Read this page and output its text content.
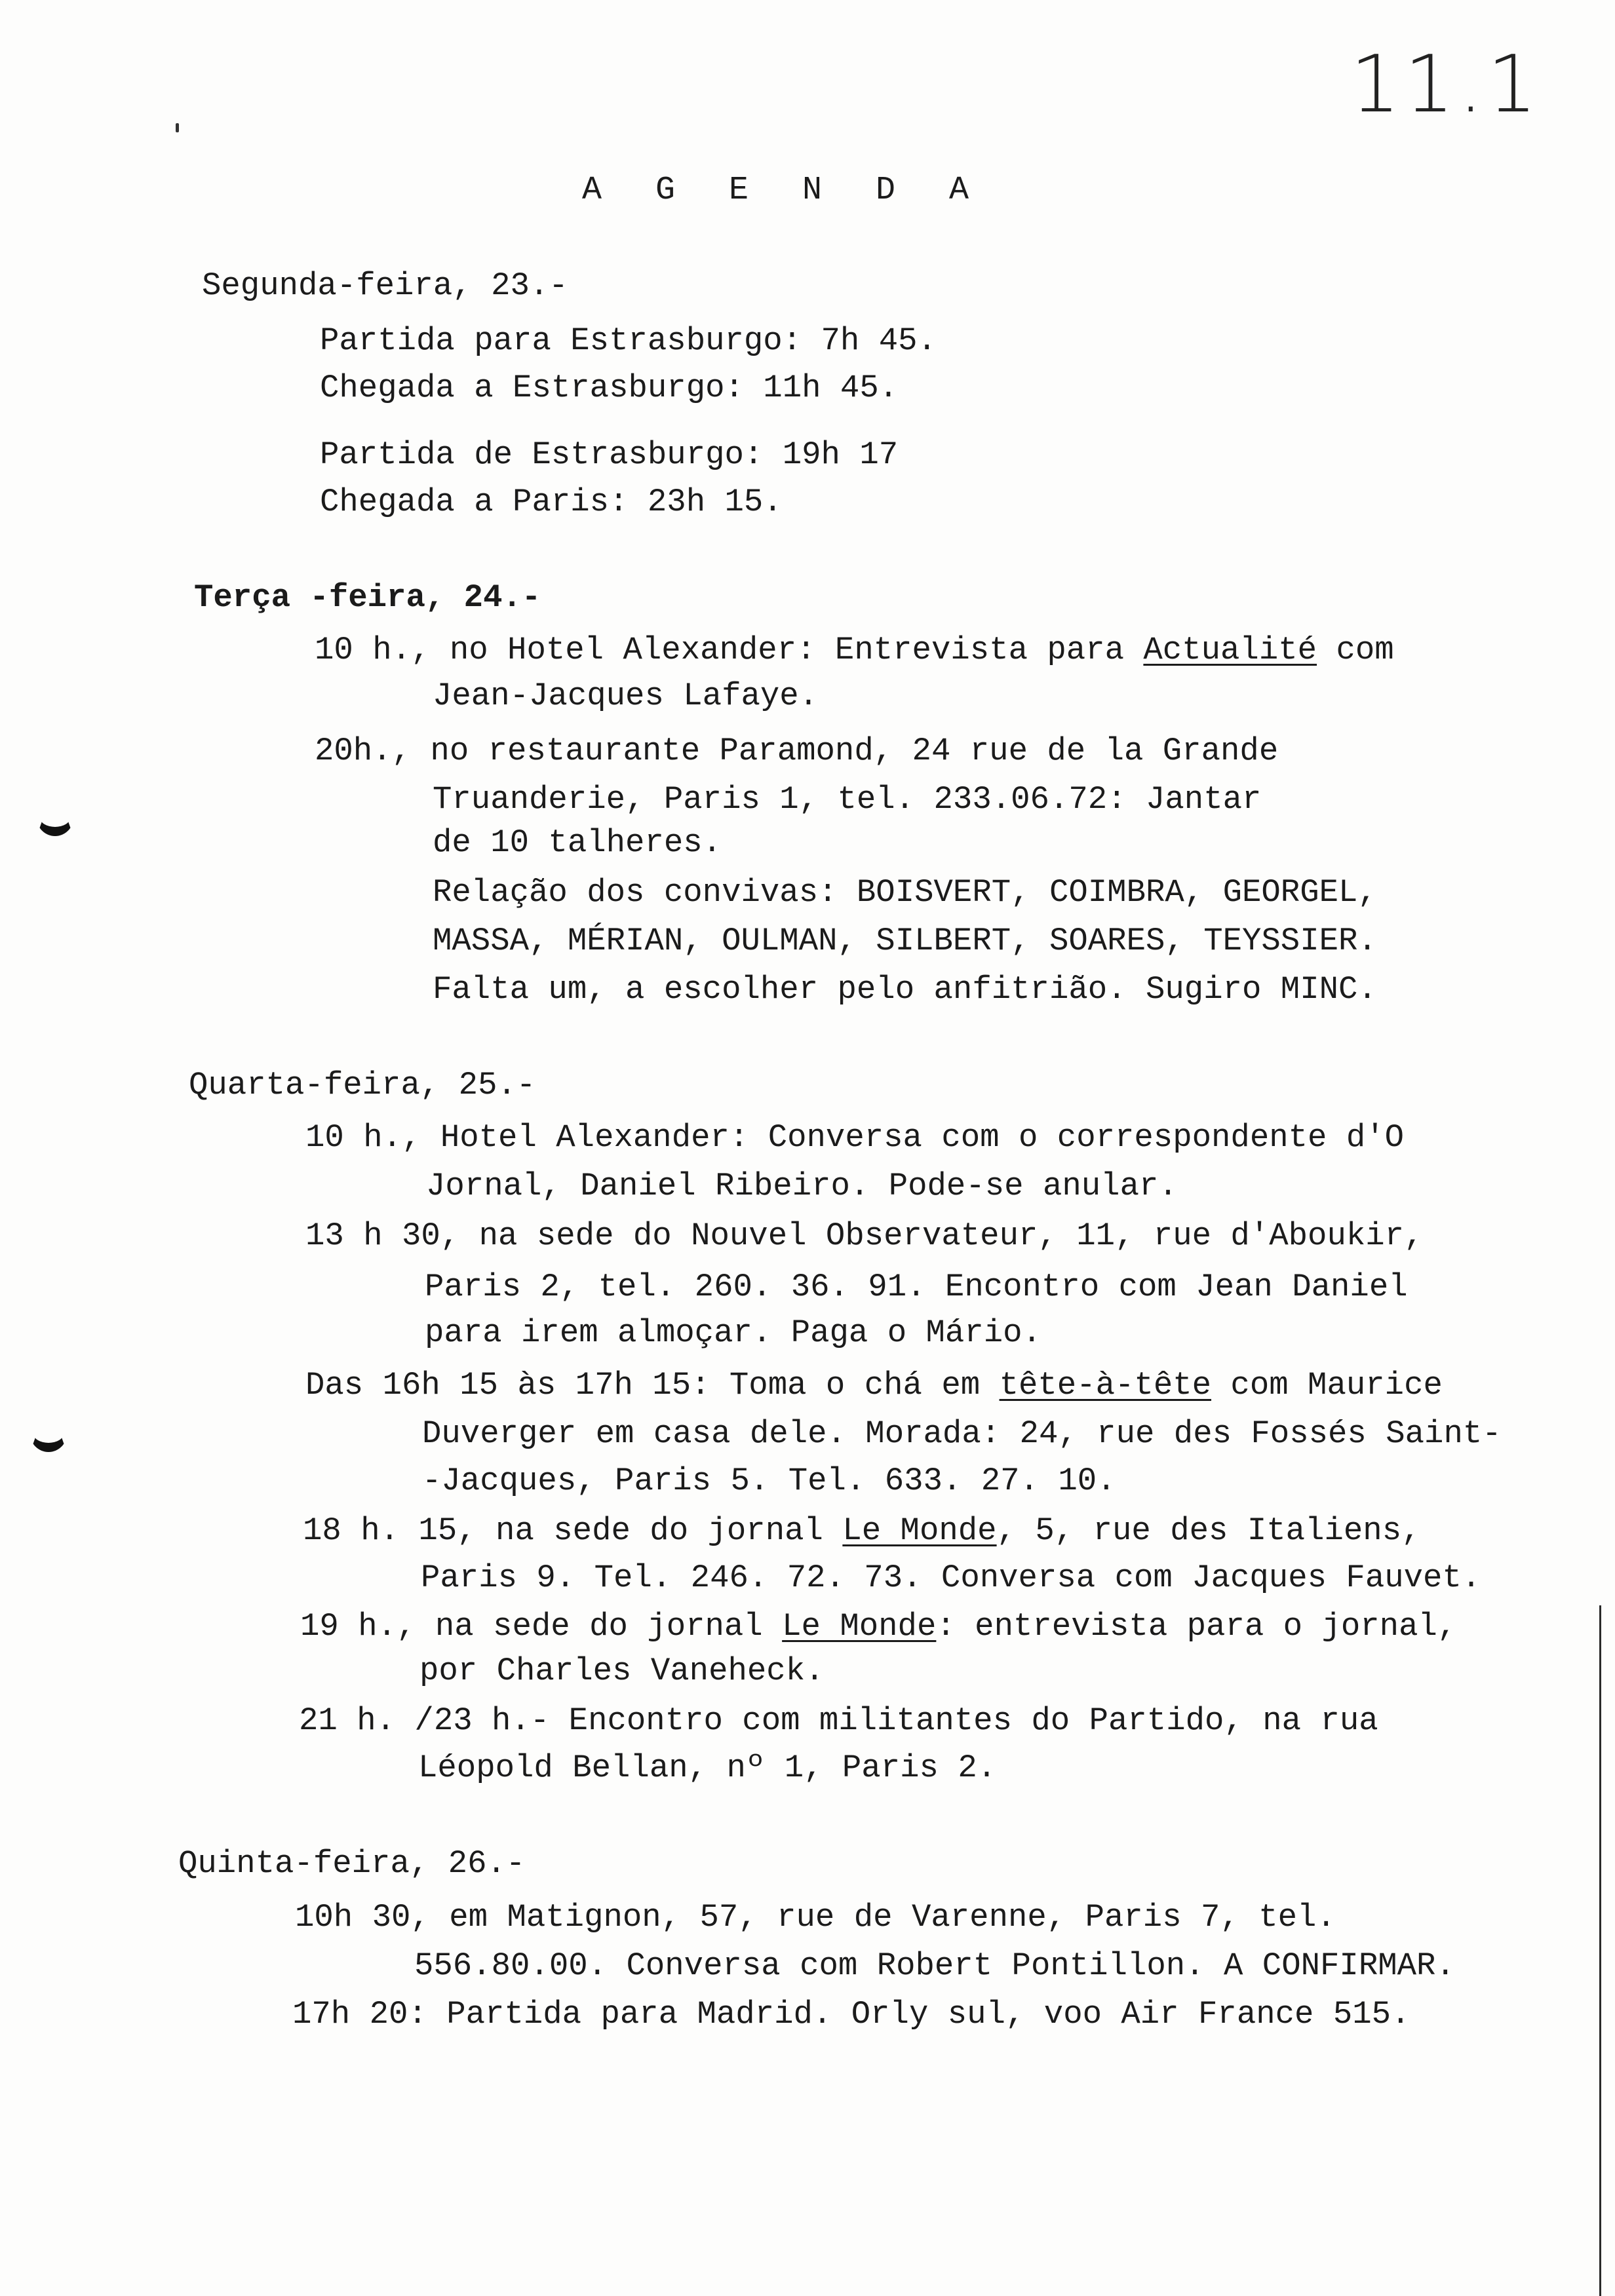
11.1
A G E N D A
Segunda-feira, 23.-
Partida para Estrasburgo: 7h 45.
Chegada a Estrasburgo: 11h 45.
Partida de Estrasburgo: 19h 17
Chegada a Paris: 23h 15.
Terça -feira, 24.-
10 h., no Hotel Alexander: Entrevista para Actualité com
Jean-Jacques Lafaye.
20h., no restaurante Paramond, 24 rue de la Grande
Truanderie, Paris 1, tel. 233.06.72: Jantar
de 10 talheres.
Relação dos convivas: BOISVERT, COIMBRA, GEORGEL,
MASSA, MÉRIAN, OULMAN, SILBERT, SOARES, TEYSSIER.
Falta um, a escolher pelo anfitrião. Sugiro MINC.
Quarta-feira, 25.-
10 h., Hotel Alexander: Conversa com o correspondente d'O
Jornal, Daniel Ribeiro. Pode-se anular.
13 h 30, na sede do Nouvel Observateur, 11, rue d'Aboukir,
Paris 2, tel. 260. 36. 91. Encontro com Jean Daniel
para irem almoçar. Paga o Mário.
Das 16h 15 às 17h 15: Toma o chá em tête-à-tête com Maurice
Duverger em casa dele. Morada: 24, rue des Fossés Saint-
-Jacques, Paris 5. Tel. 633. 27. 10.
18 h. 15, na sede do jornal Le Monde, 5, rue des Italiens,
Paris 9. Tel. 246. 72. 73. Conversa com Jacques Fauvet.
19 h., na sede do jornal Le Monde: entrevista para o jornal,
por Charles Vaneheck.
21 h. /23 h.- Encontro com militantes do Partido, na rua
Léopold Bellan, nº 1, Paris 2.
Quinta-feira, 26.-
10h 30, em Matignon, 57, rue de Varenne, Paris 7, tel.
556.80.00. Conversa com Robert Pontillon. A CONFIRMAR.
17h 20: Partida para Madrid. Orly sul, voo Air France 515.
